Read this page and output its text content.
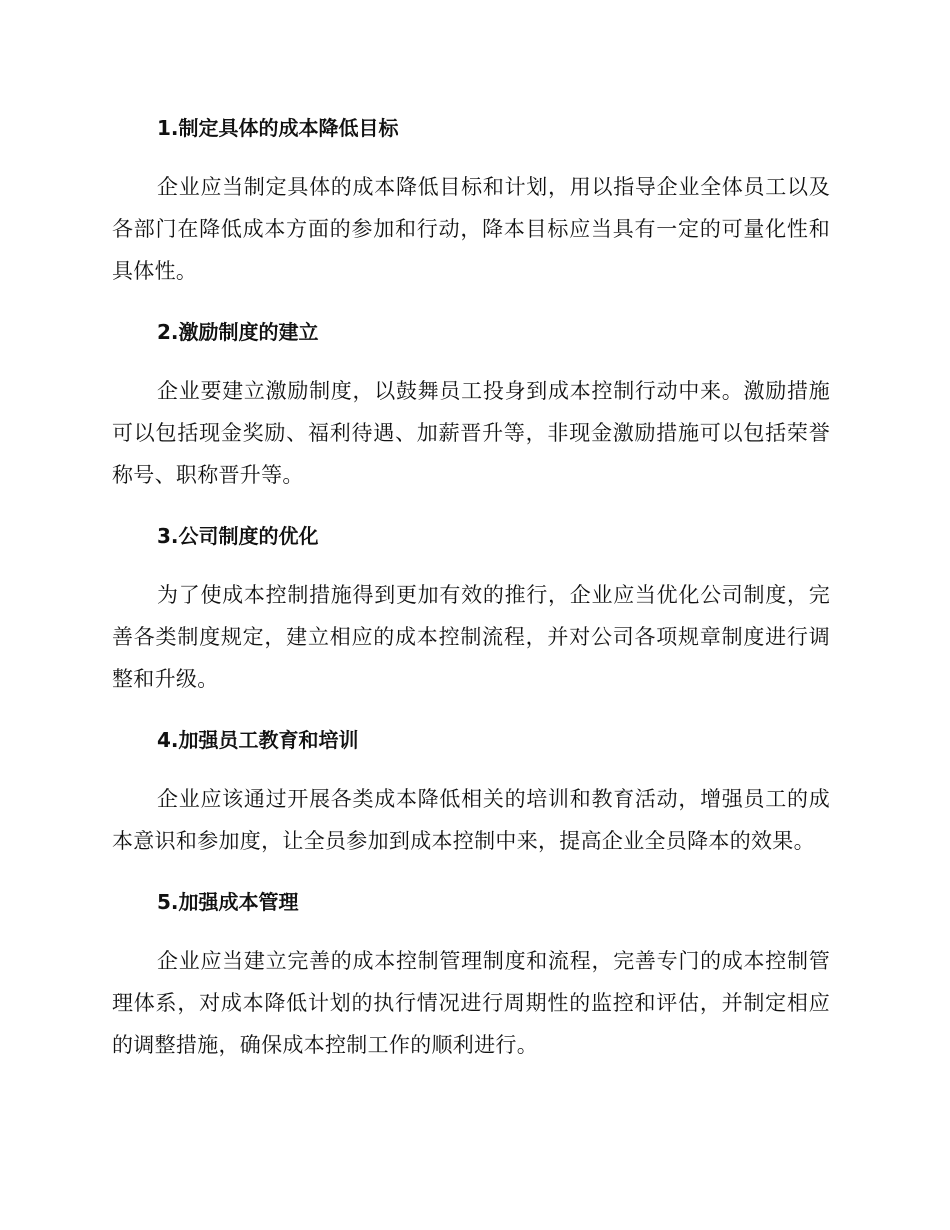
1.制定具体的成本降低目标

企业应当制定具体的成本降低目标和计划，用以指导企业全体员工以及各部门在降低成本方面的参加和行动，降本目标应当具有一定的可量化性和具体性。

2.激励制度的建立

企业要建立激励制度，以鼓舞员工投身到成本控制行动中来。激励措施可以包括现金奖励、福利待遇、加薪晋升等，非现金激励措施可以包括荣誉称号、职称晋升等。

3.公司制度的优化

为了使成本控制措施得到更加有效的推行，企业应当优化公司制度，完善各类制度规定，建立相应的成本控制流程，并对公司各项规章制度进行调整和升级。

4.加强员工教育和培训

企业应该通过开展各类成本降低相关的培训和教育活动，增强员工的成本意识和参加度，让全员参加到成本控制中来，提高企业全员降本的效果。

5.加强成本管理

企业应当建立完善的成本控制管理制度和流程，完善专门的成本控制管理体系，对成本降低计划的执行情况进行周期性的监控和评估，并制定相应的调整措施，确保成本控制工作的顺利进行。
